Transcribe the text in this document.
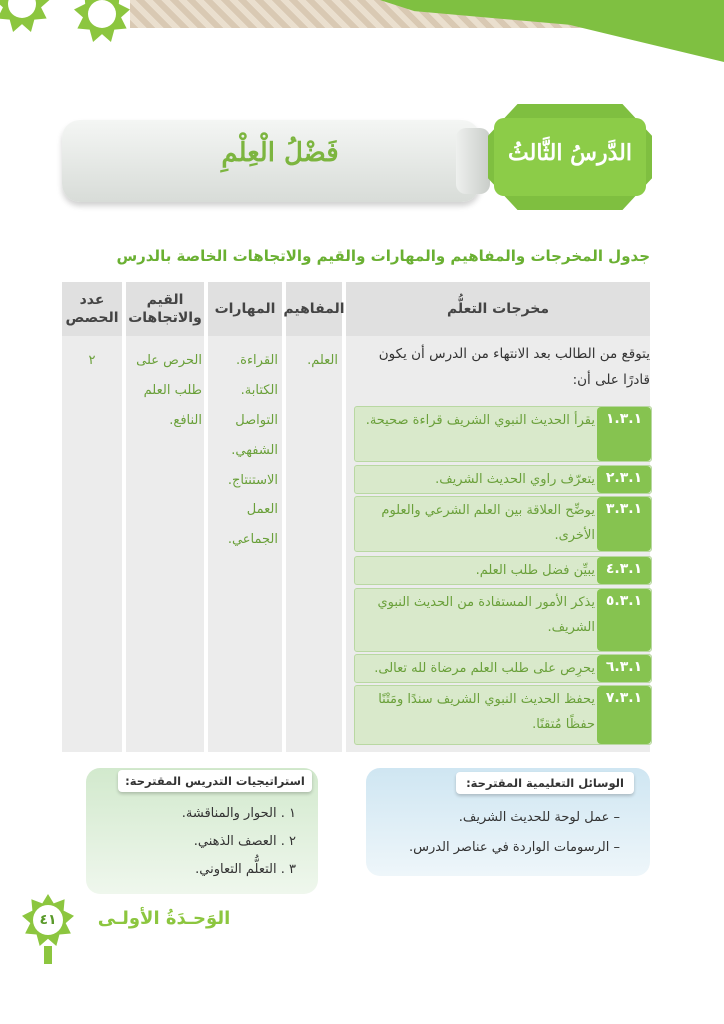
فَضْلُ الْعِلْمِ	الدَّرسُ الثَّالثُ
جدول المخرجات والمفاهيم والمهارات والقيم والاتجاهات الخاصة بالدرس
مخرجات التعلُّم
المفاهيم
المهارات
القيم والاتجاهات
عدد الحصص
يتوقع من الطالب بعد الانتهاء من الدرس أن يكون قادرًا على أن:
١.٣.١
يقرأ الحديث النبوي الشريف قراءة صحيحة.
٢.٣.١
يتعرّف راوي الحديث الشريف.
٣.٣.١
يوضِّح العلاقة بين العلم الشرعي والعلوم الأخرى.
٤.٣.١
يبيِّن فضل طلب العلم.
٥.٣.١
يذكر الأمور المستفادة من الحديث النبوي الشريف.
٦.٣.١
يحرِص على طلب العلم مرضاة لله تعالى.
٧.٣.١
يحفظ الحديث النبوي الشريف سندًا ومَتْنًا حفظًا مُتقنًا.
العلم.
القراءة.
الكتابة.
التواصل
الشفهي.
الاستنتاج.
العمل
الجماعي.
الحرص على
طلب العلم
النافع.
٢
الوسائل التعليمية المقترحة:
– عمل لوحة للحديث الشريف.
– الرسومات الواردة في عناصر الدرس.
استراتيجيات التدريس المقترحة:
١ . الحوار والمناقشة.
٢ . العصف الذهني.
٣ . التعلُّم التعاوني.
٤١	الوَحـدَةُ الأولـى
